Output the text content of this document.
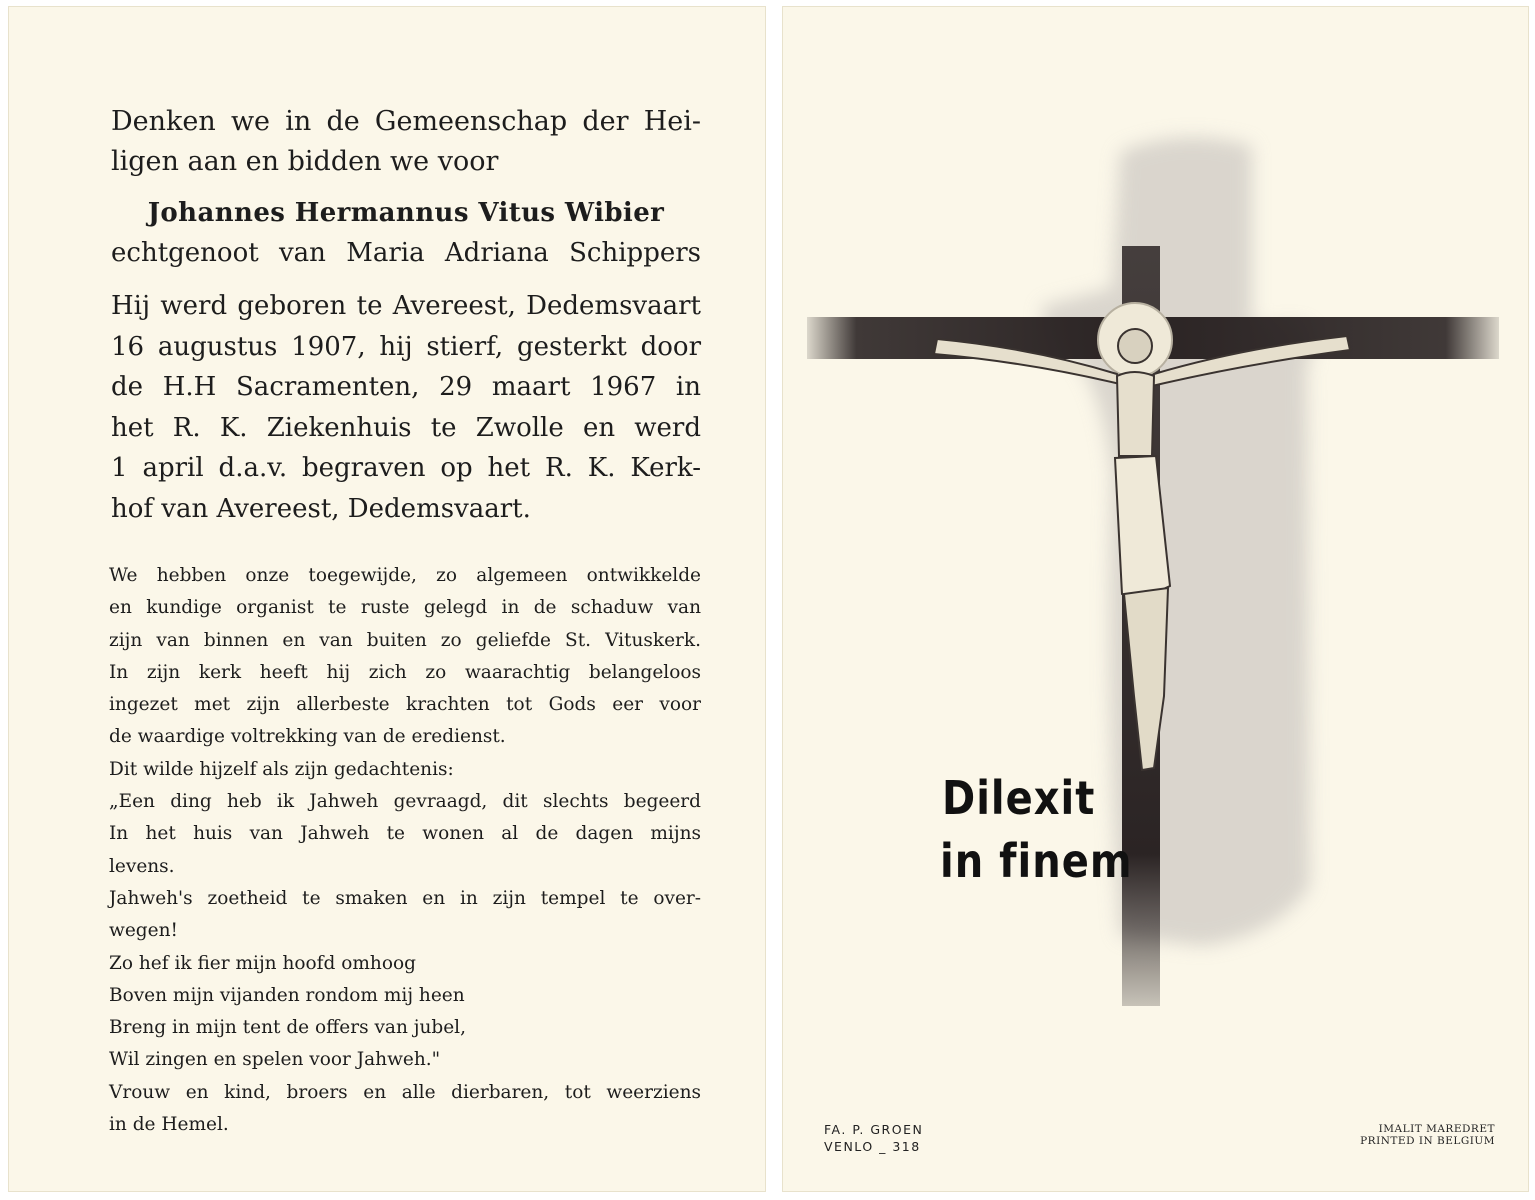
Denken we in de Gemeenschap der Hei-
ligen aan en bidden we voor

Johannes Hermannus Vitus Wibier

echtgenoot van Maria Adriana Schippers

Hij werd geboren te Avereest, Dedemsvaart
16 augustus 1907, hij stierf, gesterkt door
de H.H Sacramenten, 29 maart 1967 in
het R. K. Ziekenhuis te Zwolle en werd
1 april d.a.v. begraven op het R. K. Kerk-
hof van Avereest, Dedemsvaart.

We hebben onze toegewijde, zo algemeen ontwikkelde
en kundige organist te ruste gelegd in de schaduw van
zijn van binnen en van buiten zo geliefde St. Vituskerk.
In zijn kerk heeft hij zich zo waarachtig belangeloos
ingezet met zijn allerbeste krachten tot Gods eer voor
de waardige voltrekking van de eredienst.
Dit wilde hijzelf als zijn gedachtenis:
„Een ding heb ik Jahweh gevraagd, dit slechts begeerd
In het huis van Jahweh te wonen al de dagen mijns
levens.
Jahweh's zoetheid te smaken en in zijn tempel te over-
wegen!
Zo hef ik fier mijn hoofd omhoog
Boven mijn vijanden rondom mij heen
Breng in mijn tent de offers van jubel,
Wil zingen en spelen voor Jahweh."
Vrouw en kind, broers en alle dierbaren, tot weerziens
in de Hemel.

Dilexit
in finem
FA. P. GROEN
VENLO _ 318
IMALIT MAREDRET
PRINTED IN BELGIUM
